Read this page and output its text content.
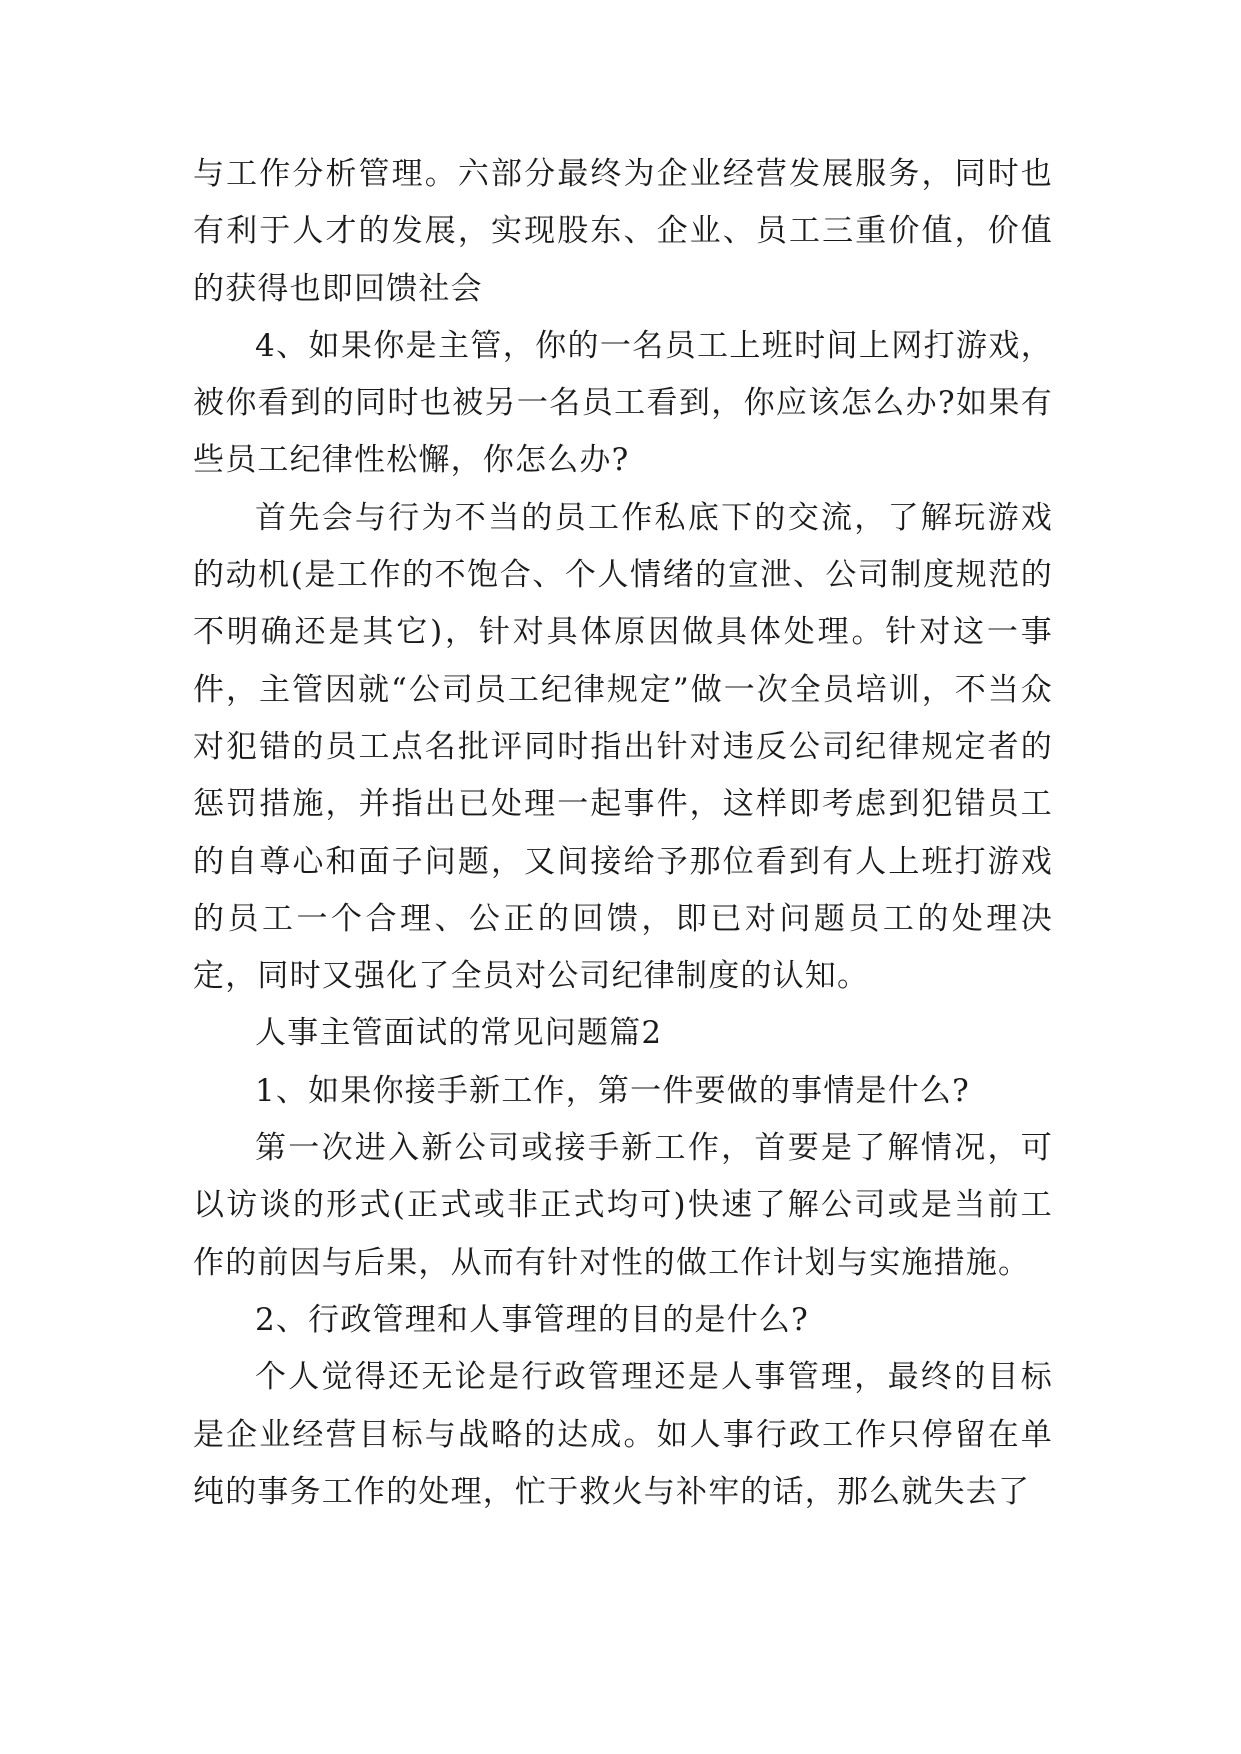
与工作分析管理。六部分最终为企业经营发展服务，同时也有利于人才的发展，实现股东、企业、员工三重价值，价值的获得也即回馈社会

4、如果你是主管，你的一名员工上班时间上网打游戏，被你看到的同时也被另一名员工看到，你应该怎么办?如果有些员工纪律性松懈，你怎么办?

首先会与行为不当的员工作私底下的交流，了解玩游戏的动机(是工作的不饱合、个人情绪的宣泄、公司制度规范的不明确还是其它)，针对具体原因做具体处理。针对这一事件，主管因就“公司员工纪律规定”做一次全员培训，不当众对犯错的员工点名批评同时指出针对违反公司纪律规定者的惩罚措施，并指出已处理一起事件，这样即考虑到犯错员工的自尊心和面子问题，又间接给予那位看到有人上班打游戏的员工一个合理、公正的回馈，即已对问题员工的处理决定，同时又强化了全员对公司纪律制度的认知。

人事主管面试的常见问题篇2

1、如果你接手新工作，第一件要做的事情是什么?

第一次进入新公司或接手新工作，首要是了解情况，可以访谈的形式(正式或非正式均可)快速了解公司或是当前工作的前因与后果，从而有针对性的做工作计划与实施措施。

2、行政管理和人事管理的目的是什么?

个人觉得还无论是行政管理还是人事管理，最终的目标是企业经营目标与战略的达成。如人事行政工作只停留在单纯的事务工作的处理，忙于救火与补牢的话，那么就失去了
